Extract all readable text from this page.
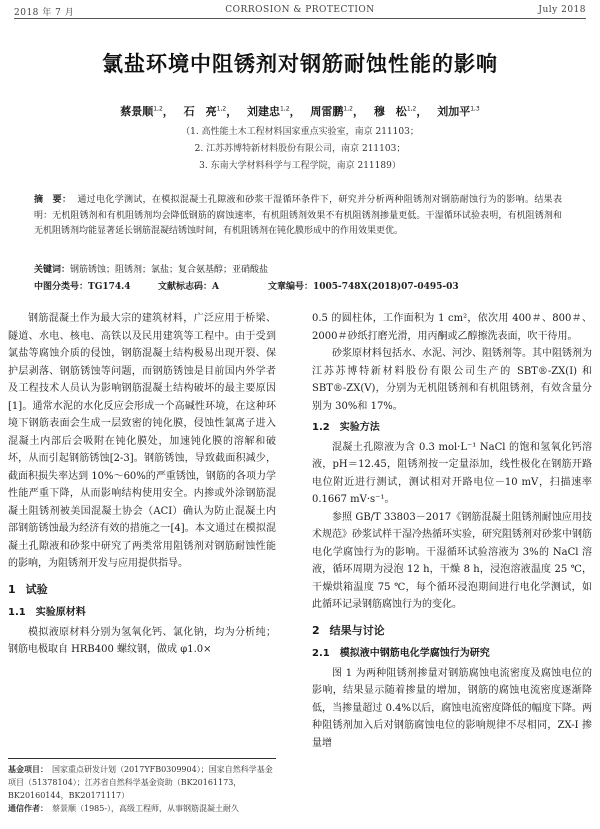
2018 年 7 月	CORROSION & PROTECTION	July 2018
氯盐环境中阻锈剂对钢筋耐蚀性能的影响
蔡景顺$^{1,2}$， 石　亮$^{1,2}$， 刘建忠$^{1,2}$， 周雷鹏$^{1,2}$， 穆　松$^{1,2}$， 刘加平$^{1,3}$
（1. 高性能土木工程材料国家重点实验室，南京 211103；
2. 江苏苏博特新材料股份有限公司，南京 211103；
3. 东南大学材料科学与工程学院，南京 211189）
摘　要： 通过电化学测试，在模拟混凝土孔隙液和砂浆干湿循环条件下，研究并分析两种阻锈剂对钢筋耐蚀行为的影响。结果表明：无机阻锈剂和有机阻锈剂均会降低钢筋的腐蚀速率，有机阻锈剂效果不有机阻锈剂掺量更低。干湿循环试验表明，有机阻锈剂和无机阻锈剂均能显著延长钢筋混凝结锈蚀时间，有机阻锈剂在钝化膜形成中的作用效果更优。
关键词：钢筋锈蚀；阻锈剂；氯盐；复合氨基醇；亚硝酸盐
中图分类号：TG174.4	文献标志码：A	文章编号：1005-748X(2018)07-0495-03

钢筋混凝土作为最大宗的建筑材料，广泛应用于桥梁、隧道、水电、核电、高铁以及民用建筑等工程中。由于受到氯盐等腐蚀介质的侵蚀，钢筋混凝土结构极易出现开裂、保护层剥落、钢筋锈蚀等问题，而钢筋锈蚀是目前国内外学者及工程技术人员认为影响钢筋混凝土结构破坏的最主要原因[1]。通常水泥的水化反应会形成一个高碱性环境，在这种环境下钢筋表面会生成一层致密的钝化膜，侵蚀性氯离子进入混凝土内部后会吸附在钝化膜处，加速钝化膜的溶解和破坏，从而引起钢筋锈蚀[2-3]。钢筋锈蚀，导致截面积减少，截面积损失率达到 10%～60%的严重锈蚀，钢筋的各项力学性能严重下降，从而影响结构使用安全。内掺或外涂钢筋混凝土阻锈剂被美国混凝土协会（ACI）确认为防止混凝土内部钢筋锈蚀最为经济有效的措施之一[4]。本文通过在模拟混凝土孔隙液和砂浆中研究了两类常用阻锈剂对钢筋耐蚀性能的影响，为阻锈剂开发与应用提供指导。

1 试验
1.1 实验原材料

模拟液原材料分别为氢氧化钙、氯化钠，均为分析纯；钢筋电极取自 HRB400 螺纹钢，做成 φ1.0×

0.5 的圆柱体，工作面积为 1 cm²，依次用 400＃、800＃、2000＃砂纸打磨光滑，用丙酮或乙醇擦洗表面，吹干待用。

砂浆原材料包括水、水泥、河沙、阻锈剂等。其中阻锈剂为江苏苏博特新材料股份有限公司生产的 SBT®-ZX(I) 和 SBT®-ZX(V)，分别为无机阻锈剂和有机阻锈剂，有效含量分别为 30%和 17%。

1.2 实验方法

混凝土孔隙液为含 0.3 mol·L⁻¹ NaCl 的饱和氢氧化钙溶液，pH＝12.45，阻锈剂按一定量添加，线性极化在钢筋开路电位附近进行测试，测试相对开路电位－10 mV，扫描速率 0.1667 mV·s⁻¹。

参照 GB/T 33803－2017《钢筋混凝土阻锈剂耐蚀应用技术规范》砂浆试样干湿冷热循环实验，研究阻锈剂对砂浆中钢筋电化学腐蚀行为的影响。干湿循环试验溶液为 3%的 NaCl 溶液，循环周期为浸泡 12 h，干燥 8 h，浸泡溶液温度 25 ℃，干燥烘箱温度 75 ℃，每个循环浸泡期间进行电化学测试，如此循环记录钢筋腐蚀行为的变化。

2 结果与讨论
2.1 模拟液中钢筋电化学腐蚀行为研究

图 1 为两种阻锈剂掺量对钢筋腐蚀电流密度及腐蚀电位的影响，结果显示随着掺量的增加，钢筋的腐蚀电流密度逐渐降低，当掺量超过 0.4%以后，腐蚀电流密度降低的幅度下降。两种阻锈剂加入后对钢筋腐蚀电位的影响规律不尽相同，ZX-I 掺量增

基金项目： 国家重点研发计划（2017YFB0309904）；国家自然科学基金项目（51378104）；江苏省自然科学基金资助（BK20161173，BK20160144，BK20171117）

通信作者： 蔡景顺（1985-），高级工程师，从事钢筋混凝土耐久
